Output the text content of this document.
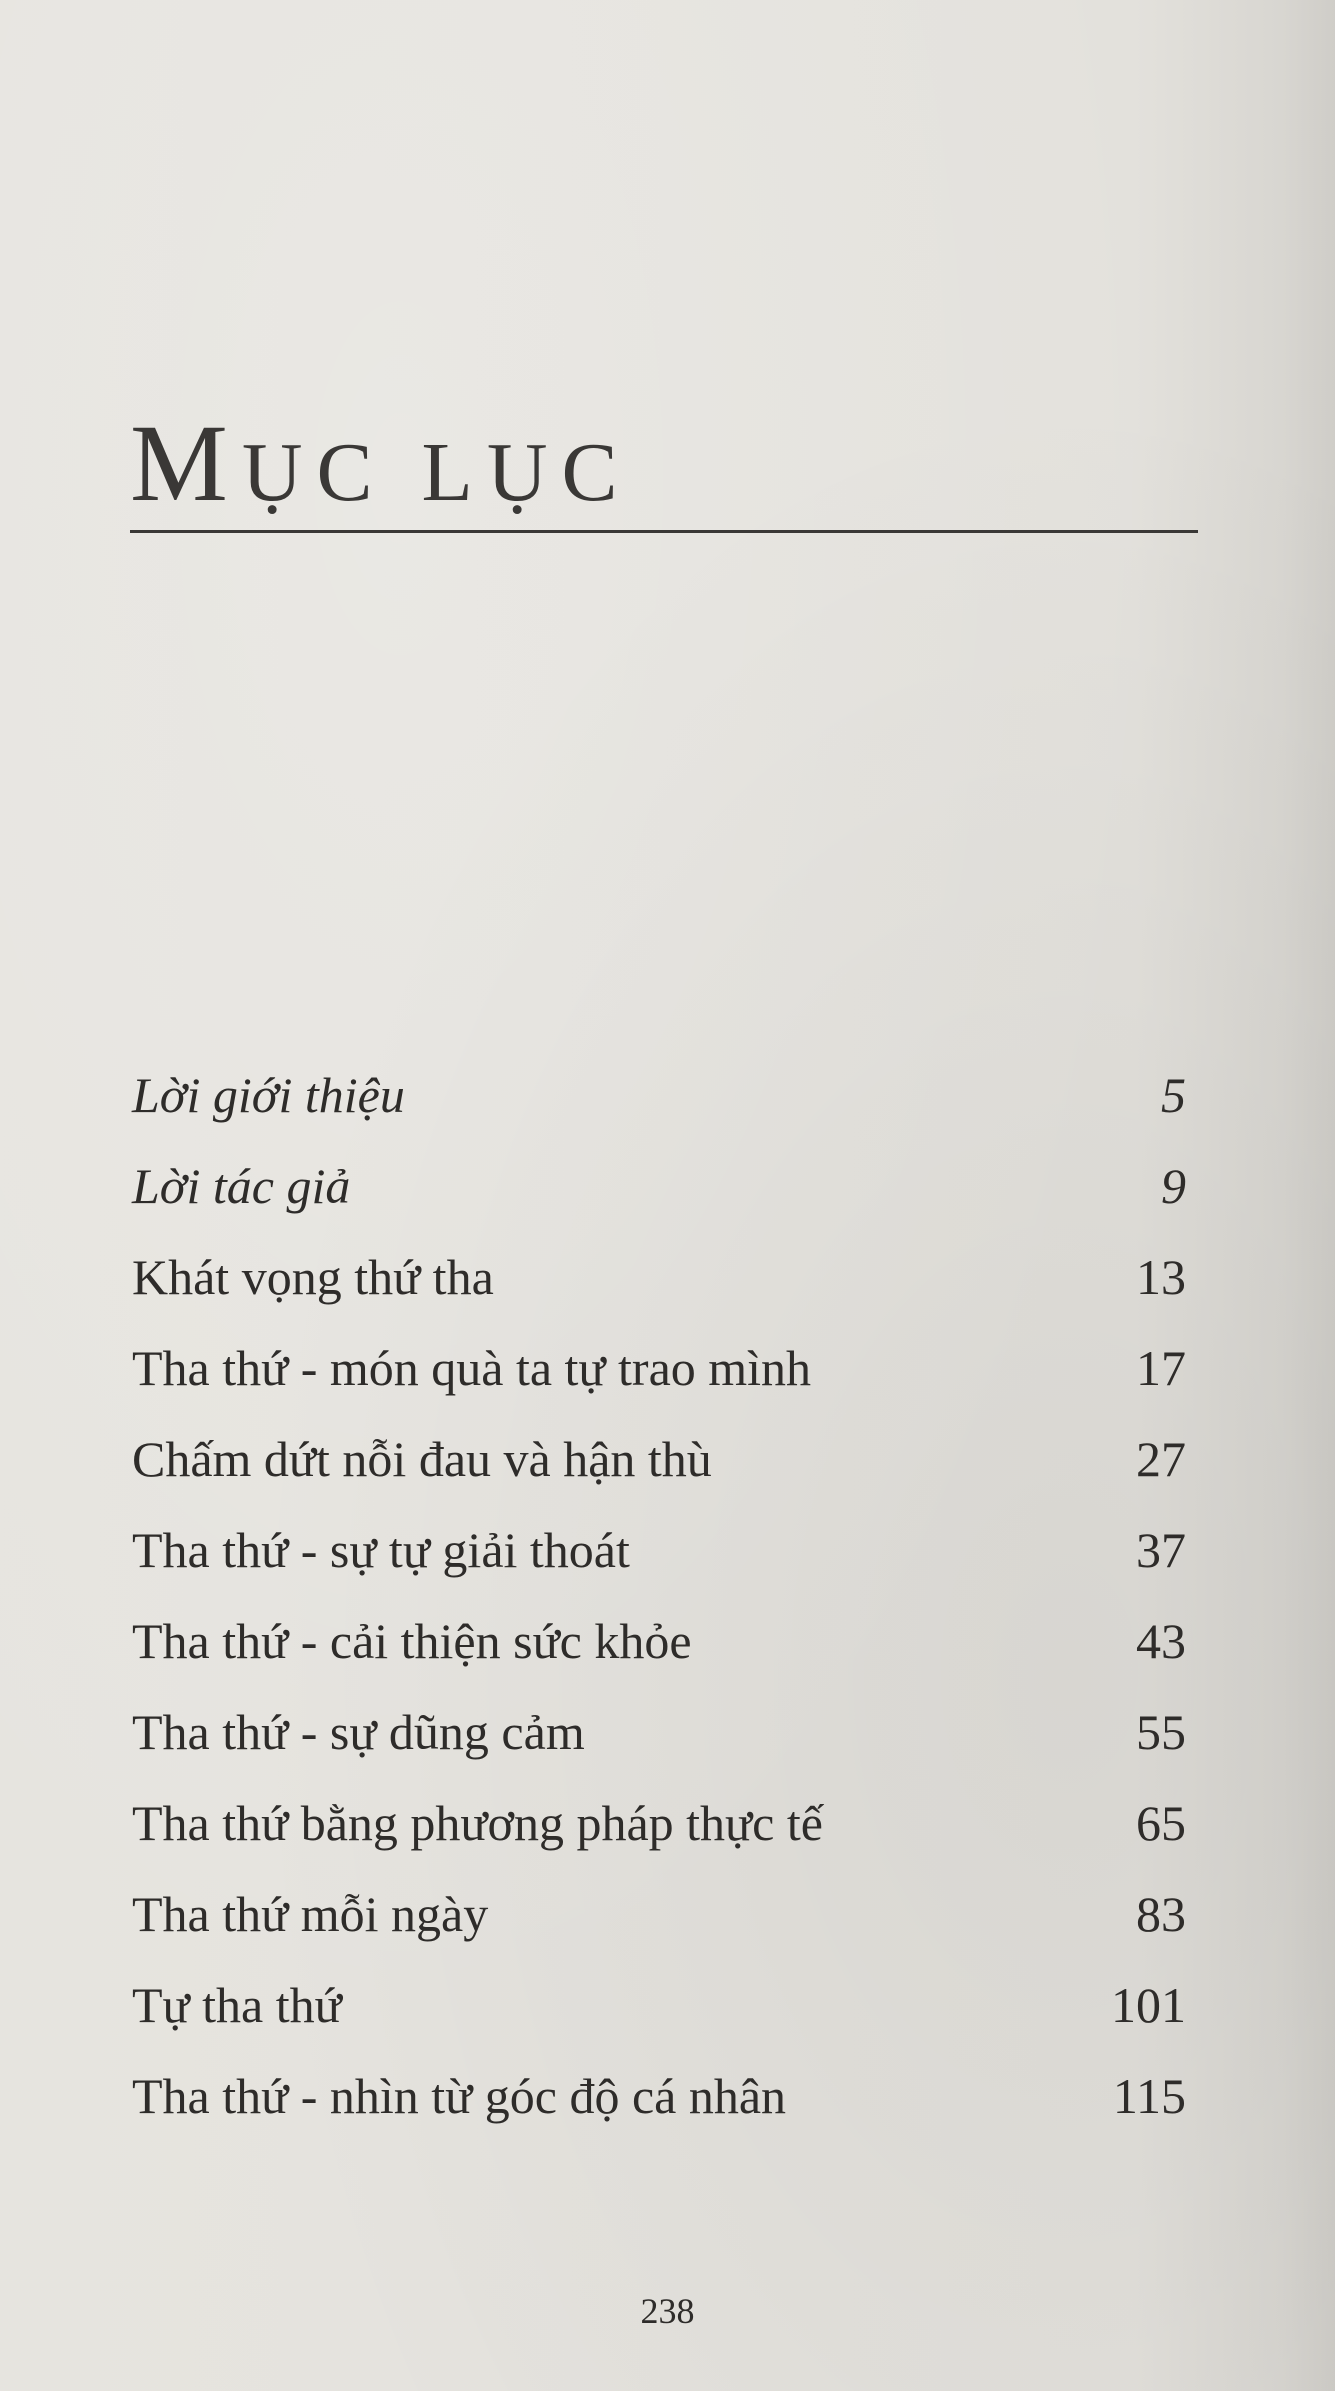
MỤC LỤC
Lời giới thiệu	5
Lời tác giả	9
Khát vọng thứ tha	13
Tha thứ - món quà ta tự trao mình	17
Chấm dứt nỗi đau và hận thù	27
Tha thứ - sự tự giải thoát	37
Tha thứ - cải thiện sức khỏe	43
Tha thứ - sự dũng cảm	55
Tha thứ bằng phương pháp thực tế	65
Tha thứ mỗi ngày	83
Tự tha thứ	101
Tha thứ - nhìn từ góc độ cá nhân	115
238
